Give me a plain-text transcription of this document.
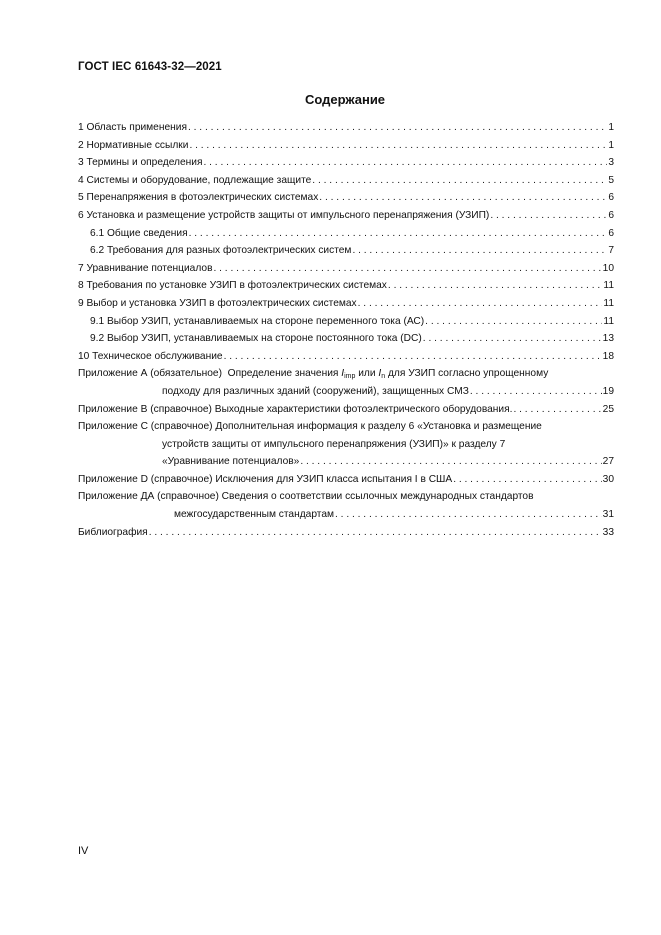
ГОСТ IEC 61643-32—2021
Содержание
1 Область применения . . .	1
2 Нормативные ссылки . . .	1
3 Термины и определения . . .	3
4 Системы и оборудование, подлежащие защите . . .	5
5 Перенапряжения в фотоэлектрических системах . . .	6
6 Установка и размещение устройств защиты от импульсного перенапряжения (УЗИП) . . .	6
6.1 Общие сведения . . .	6
6.2 Требования для разных фотоэлектрических систем . . .	7
7 Уравнивание потенциалов . . .	10
8 Требования по установке УЗИП в фотоэлектрических системах . . .	11
9 Выбор и установка УЗИП в фотоэлектрических системах . . .	11
9.1 Выбор УЗИП, устанавливаемых на стороне переменного тока (АС) . . .	11
9.2 Выбор УЗИП, устанавливаемых на стороне постоянного тока (DC) . . .	13
10 Техническое обслуживание . . .	18
Приложение А (обязательное)  Определение значения $I_{imp}$ или $I_n$ для УЗИП согласно упрощенному
подходу для различных зданий (сооружений), защищенных СМЗ . . .	19
Приложение В (справочное) Выходные характеристики фотоэлектрического оборудования. . . .	25
Приложение С (справочное) Дополнительная информация к разделу 6 «Установка и размещение
устройств защиты от импульсного перенапряжения (УЗИП)» к разделу 7
«Уравнивание потенциалов» . . .	27
Приложение D (справочное) Исключения для УЗИП класса испытания I в США . . .	30
Приложение ДА (справочное) Сведения о соответствии ссылочных международных стандартов
межгосударственным стандартам . . .	31
Библиография . . .	33
IV
